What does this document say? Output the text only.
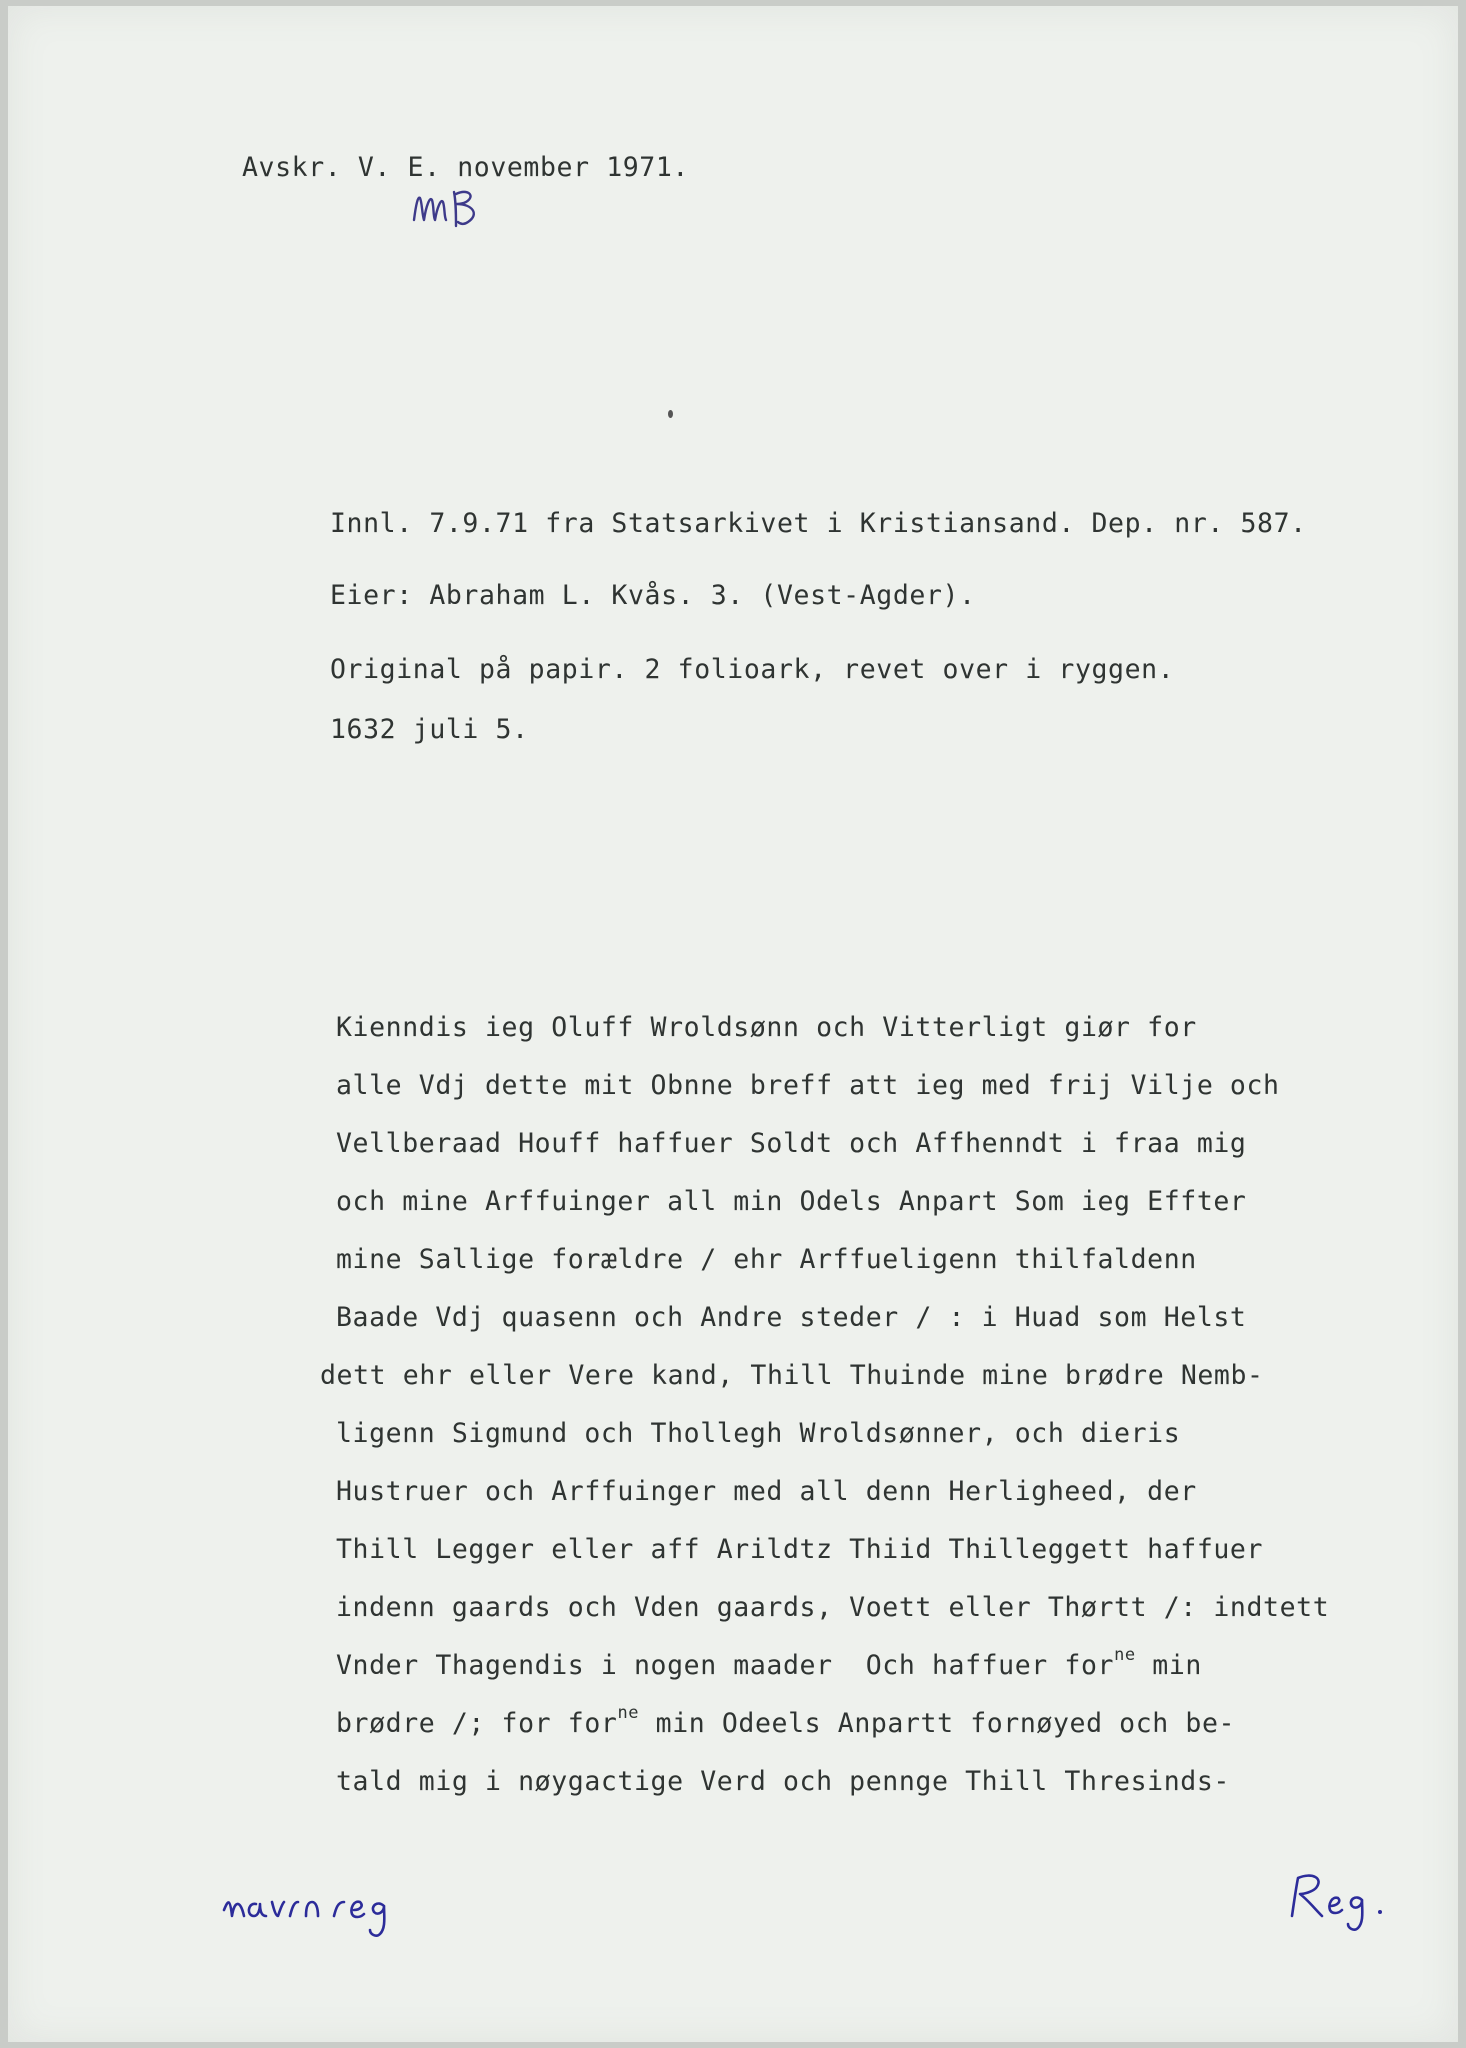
Avskr. V. E. november 1971.

Innl. 7.9.71 fra Statsarkivet i Kristiansand. Dep. nr. 587.

Eier: Abraham L. Kvås. 3. (Vest-Agder).

Original på papir. 2 folioark, revet over i ryggen.

1632 juli 5.

Kienndis ieg Oluff Wroldsønn och Vitterligt giør for

alle Vdj dette mit Obnne breff att ieg med frij Vilje och

Vellberaad Houff haffuer Soldt och Affhenndt i fraa mig

och mine Arffuinger all min Odels Anpart Som ieg Effter

mine Sallige forældre / ehr Arffueligenn thilfaldenn

Baade Vdj quasenn och Andre steder / : i Huad som Helst

dett ehr eller Vere kand, Thill Thuinde mine brødre Nemb-

ligenn Sigmund och Thollegh Wroldsønner, och dieris

Hustruer och Arffuinger med all denn Herligheed, der

Thill Legger eller aff Arildtz Thiid Thilleggett haffuer

indenn gaards och Vden gaards, Voett eller Thørtt /: indtett

Vnder Thagendis i nogen maader  Och haffuer for$^{ne}$ min

brødre /; for for$^{ne}$ min Odeels Anpartt fornøyed och be-

tald mig i nøygactige Verd och pennge Thill Thresinds-
